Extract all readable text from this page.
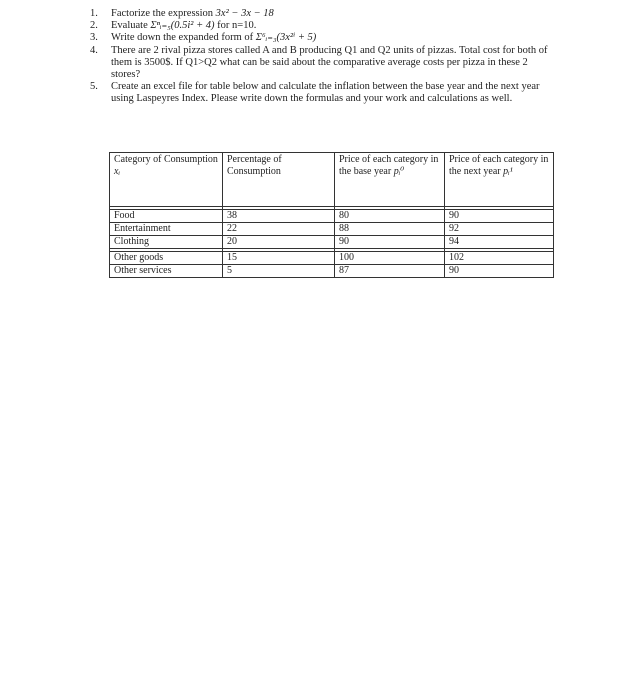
1. Factorize the expression 3x² − 3x − 18
2. Evaluate Σⁿᵢ₌₅(0.5i² + 4) for n=10.
3. Write down the expanded form of Σ⁶ᵢ₌₃(3x²ⁱ + 5)
4. There are 2 rival pizza stores called A and B producing Q1 and Q2 units of pizzas. Total cost for both of them is 3500$. If Q1>Q2 what can be said about the comparative average costs per pizza in these 2 stores?
5. Create an excel file for table below and calculate the inflation between the base year and the next year using Laspeyres Index. Please write down the formulas and your work and calculations as well.
Category of Consumption xᵢ	Percentage of Consumption	Price of each category in the base year pᵢ⁰	Price of each category in the next year pᵢ¹

Food	38	80	90
Entertainment	22	88	92
Clothing	20	90	94

Other goods	15	100	102
Other services	5	87	90
